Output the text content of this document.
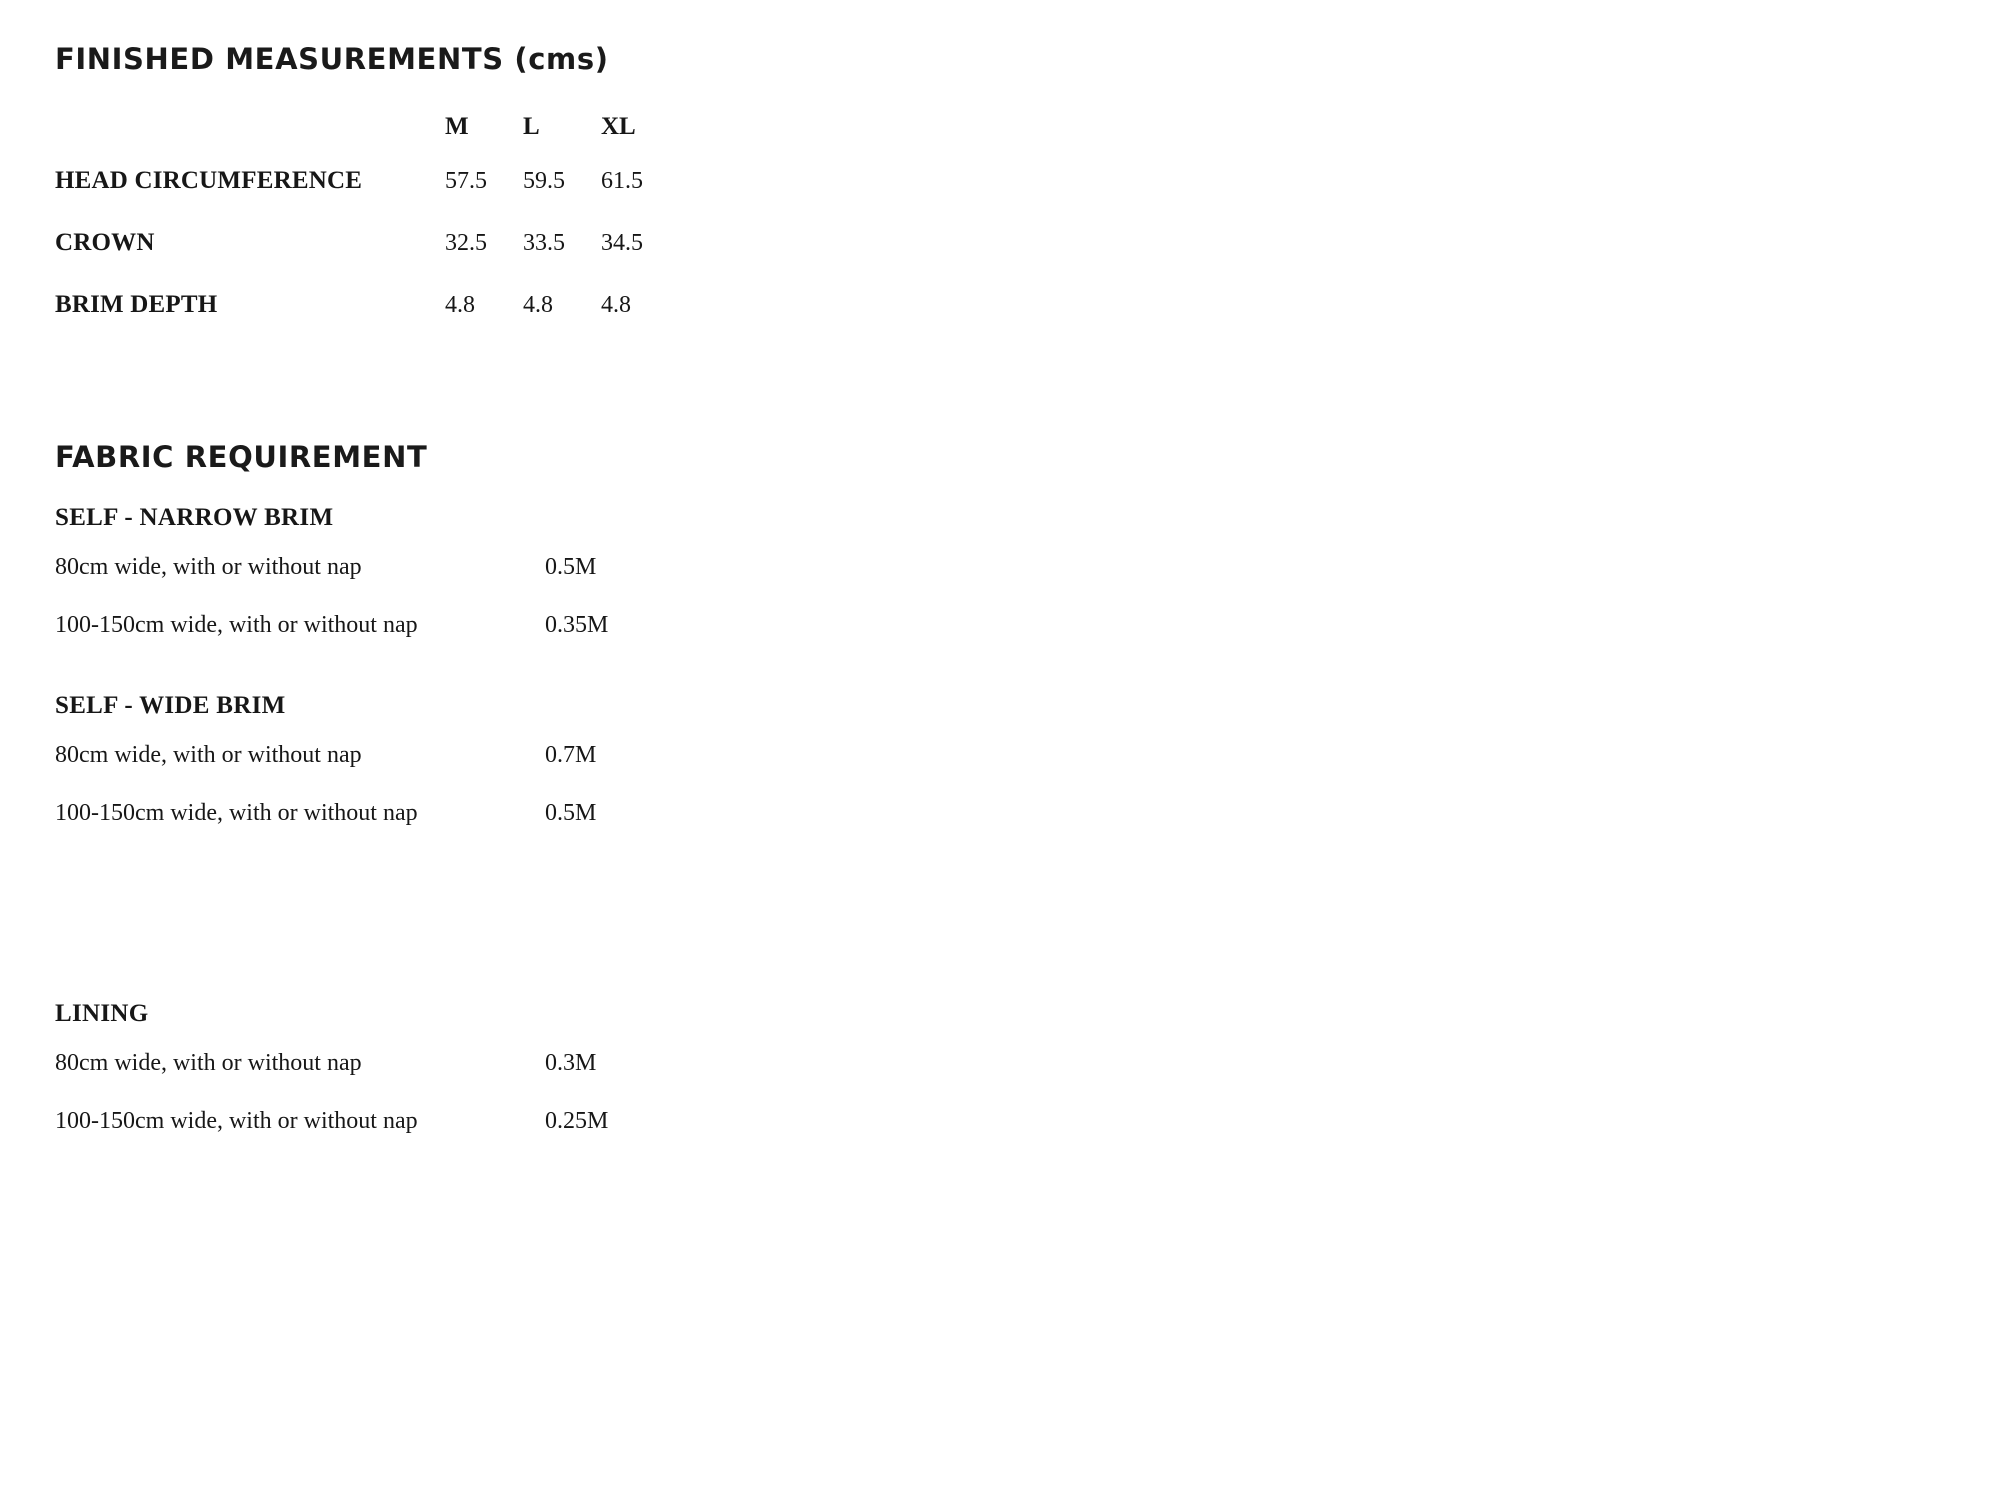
FINISHED MEASUREMENTS (cms)
	M	L	XL
HEAD CIRCUMFERENCE	57.5	59.5	61.5
CROWN	32.5	33.5	34.5
BRIM DEPTH	4.8	4.8	4.8
FABRIC REQUIREMENT
SELF - NARROW BRIM
80cm wide, with or without nap	0.5M
100-150cm wide, with or without nap	0.35M
SELF - WIDE BRIM
80cm wide, with or without nap	0.7M
100-150cm wide, with or without nap	0.5M
LINING
80cm wide, with or without nap	0.3M
100-150cm wide, with or without nap	0.25M
